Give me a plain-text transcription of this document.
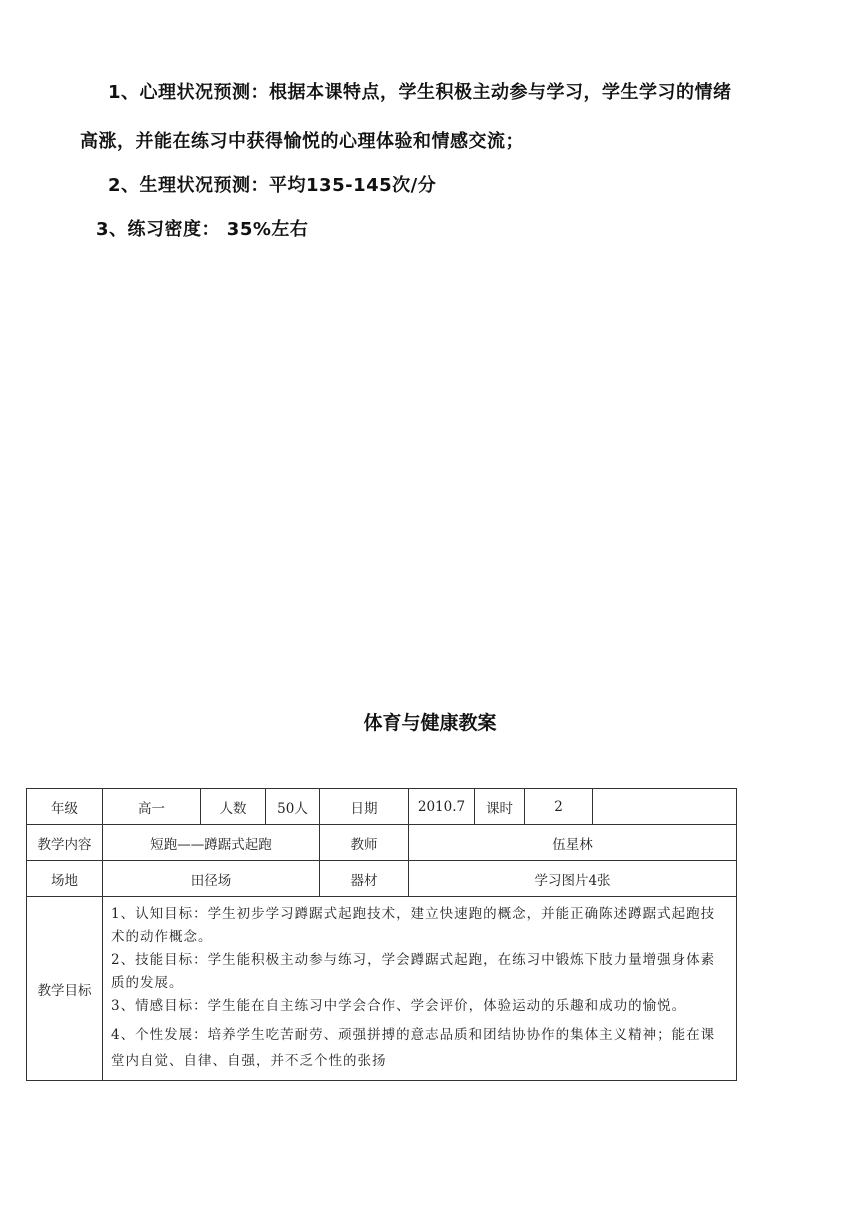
1、心理状况预测：根据本课特点，学生积极主动参与学习，学生学习的情绪
高涨，并能在练习中获得愉悦的心理体验和情感交流；
2、生理状况预测：平均135-145次/分
3、练习密度： 35%左右
体育与健康教案
年级	高一	人数	50人	日期	2010.7	课时	2	
教学内容	短跑——蹲踞式起跑			教师	伍星林			
场地	田径场			器材	学习图片4张			
教学目标	1、认知目标：学生初步学习蹲踞式起跑技术，建立快速跑的概念，并能正确陈述蹲踞式起跑技术的动作概念。
2、技能目标：学生能积极主动参与练习，学会蹲踞式起跑，在练习中锻炼下肢力量增强身体素质的发展。
3、情感目标：学生能在自主练习中学会合作、学会评价，体验运动的乐趣和成功的愉悦。
4、个性发展：培养学生吃苦耐劳、顽强拼搏的意志品质和团结协协作的集体主义精神；能在课堂内自觉、自律、自强，并不乏个性的张扬							
